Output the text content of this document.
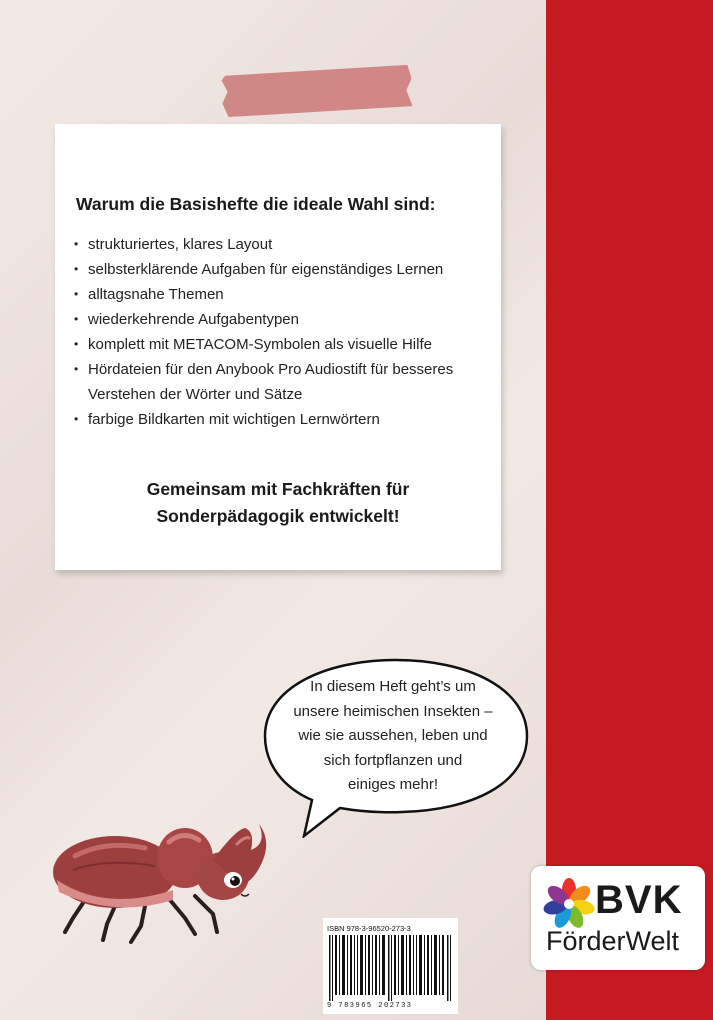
Warum die Basishefte die ideale Wahl sind:

• strukturiertes, klares Layout
• selbsterklärende Aufgaben für eigenständiges Lernen
• alltagsnahe Themen
• wiederkehrende Aufgabentypen
• komplett mit METACOM-Symbolen als visuelle Hilfe
• Hördateien für den Anybook Pro Audiostift für besseres Verstehen der Wörter und Sätze
• farbige Bildkarten mit wichtigen Lernwörtern
Gemeinsam mit Fachkräften für
Sonderpädagogik entwickelt!
In diesem Heft geht’s um
unsere heimischen Insekten –
wie sie aussehen, leben und
sich fortpflanzen und
einiges mehr!
ISBN 978-3-96520-273-3
9 783965 202733
BVK
FörderWelt
